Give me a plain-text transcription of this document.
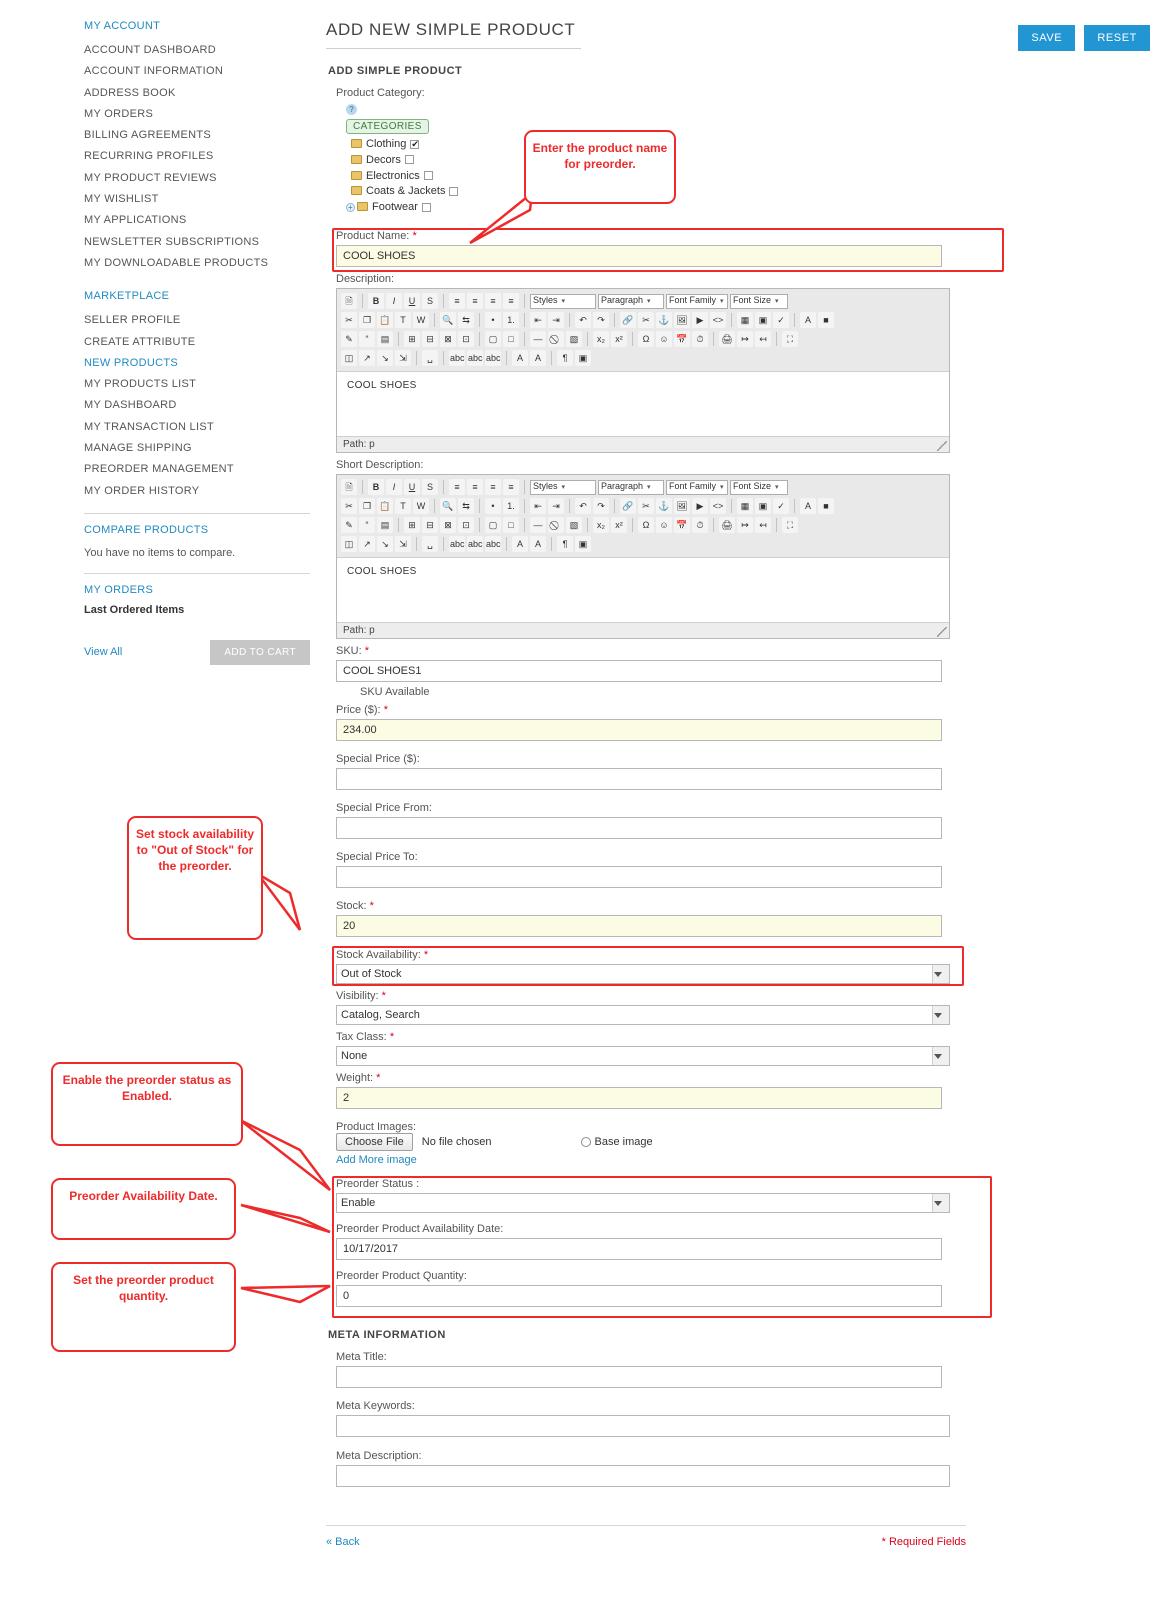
MY ACCOUNT
ACCOUNT DASHBOARD
ACCOUNT INFORMATION
ADDRESS BOOK
MY ORDERS
BILLING AGREEMENTS
RECURRING PROFILES
MY PRODUCT REVIEWS
MY WISHLIST
MY APPLICATIONS
NEWSLETTER SUBSCRIPTIONS
MY DOWNLOADABLE PRODUCTS
MARKETPLACE
SELLER PROFILE
CREATE ATTRIBUTE
NEW PRODUCTS
MY PRODUCTS LIST
MY DASHBOARD
MY TRANSACTION LIST
MANAGE SHIPPING
PREORDER MANAGEMENT
MY ORDER HISTORY
COMPARE PRODUCTS
You have no items to compare.
MY ORDERS
Last Ordered Items
View All	ADD TO CART
ADD NEW SIMPLE PRODUCT	SAVE	RESET
ADD SIMPLE PRODUCT
Product Category:
?
CATEGORIES
Clothing✔
Decors
Electronics
Coats & Jackets
+ Footwear
Product Name: *
COOL SHOES
Description:
🗎	B	I	U	S	≡	≡	≡	≡	Styles ▾	Paragraph ▾	Font Family ▾	Font Size ▾
✂	❐ 📋	T	W	🔍 ⇆	•	1.	⇤	⇥	↶	↷	🔗 ✂ ⚓ 🖼 ▶	<>	▦	▣	✓	A	■
✎	“	▤	⊞	⊟	⊠	⊡	▢	□	—	▧	x₂	x²	Ω	☺ 📅 ⏱	🖨 ↦	↤	⛶
◫	↗	↘	⇲	␣	abc abc abc	A	A	¶	▣
COOL SHOES
Path: p
Short Description:
🗎	B	I	U	S	≡	≡	≡	≡	Styles ▾	Paragraph ▾	Font Family ▾	Font Size ▾
✂	❐ 📋	T	W	🔍 ⇆	•	1.	⇤	⇥	↶	↷	🔗 ✂ ⚓ 🖼 ▶	<>	▦	▣	✓	A	■
✎	“	▤	⊞	⊟	⊠	⊡	▢	□	—	▧	x₂	x²	Ω	☺ 📅 ⏱	🖨 ↦	↤	⛶
◫	↗	↘	⇲	␣	abc abc abc	A	A	¶	▣
COOL SHOES
Path: p
SKU: *
COOL SHOES1
SKU Available
Price ($): *
234.00
Special Price ($):
Special Price From:
Special Price To:
Stock: *
20
Stock Availability: *
Out of Stock
Visibility: *
Catalog, Search
Tax Class: *
None
Weight: *
2
Product Images:
Choose File No file chosen	Base image
Add More image
Preorder Status :
Enable
Preorder Product Availability Date:
10/17/2017
Preorder Product Quantity:
0
META INFORMATION
Meta Title:
Meta Keywords:
Meta Description:
« Back	* Required Fields
Enter the product name for preorder.
Set stock availability to "Out of Stock" for the preorder.
Enable the preorder status as Enabled.
Preorder Availability Date.
Set the preorder product quantity.
